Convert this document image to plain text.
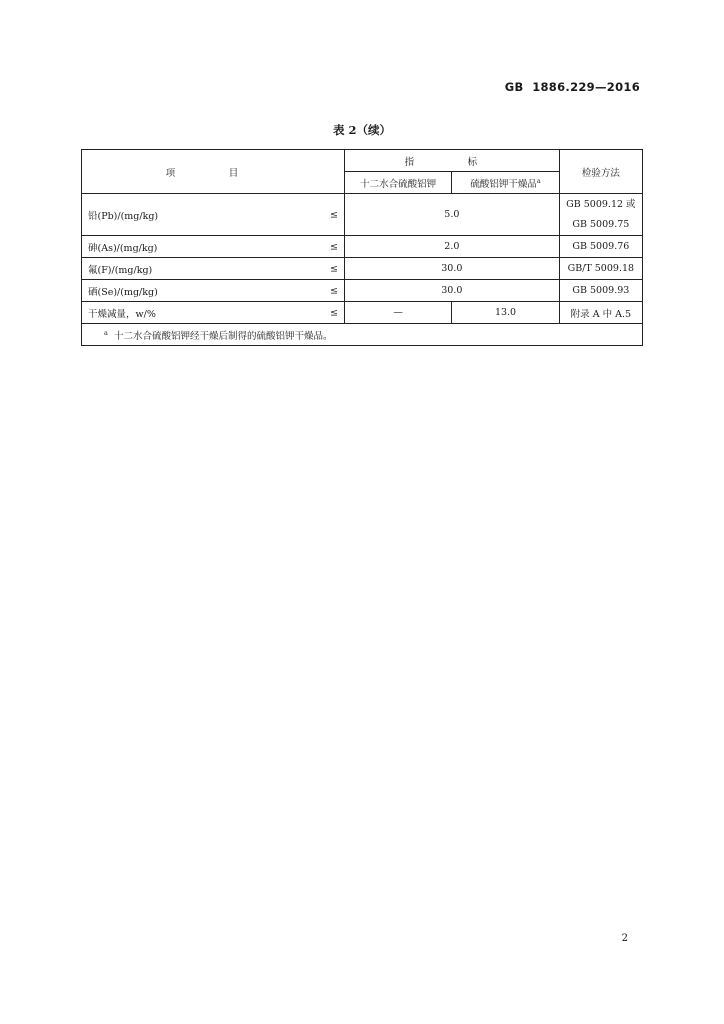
GB 1886.229—2016
表 2（续）
项　目	指　标		检验方法
	十二水合硫酸铝钾	硫酸铝钾干燥品$^a$
铅(Pb)/(mg/kg) ≤	5.0		GB 5009.12 或
GB 5009.75

砷(As)/(mg/kg) ≤	2.0		GB 5009.76
氟(F)/(mg/kg) ≤	30.0		GB/T 5009.18
硒(Se)/(mg/kg) ≤	30.0		GB 5009.93
干燥减量，w/% ≤	—	13.0	附录 A 中 A.5
$^a$ 十二水合硫酸铝钾经干燥后制得的硫酸铝钾干燥品。			
2
